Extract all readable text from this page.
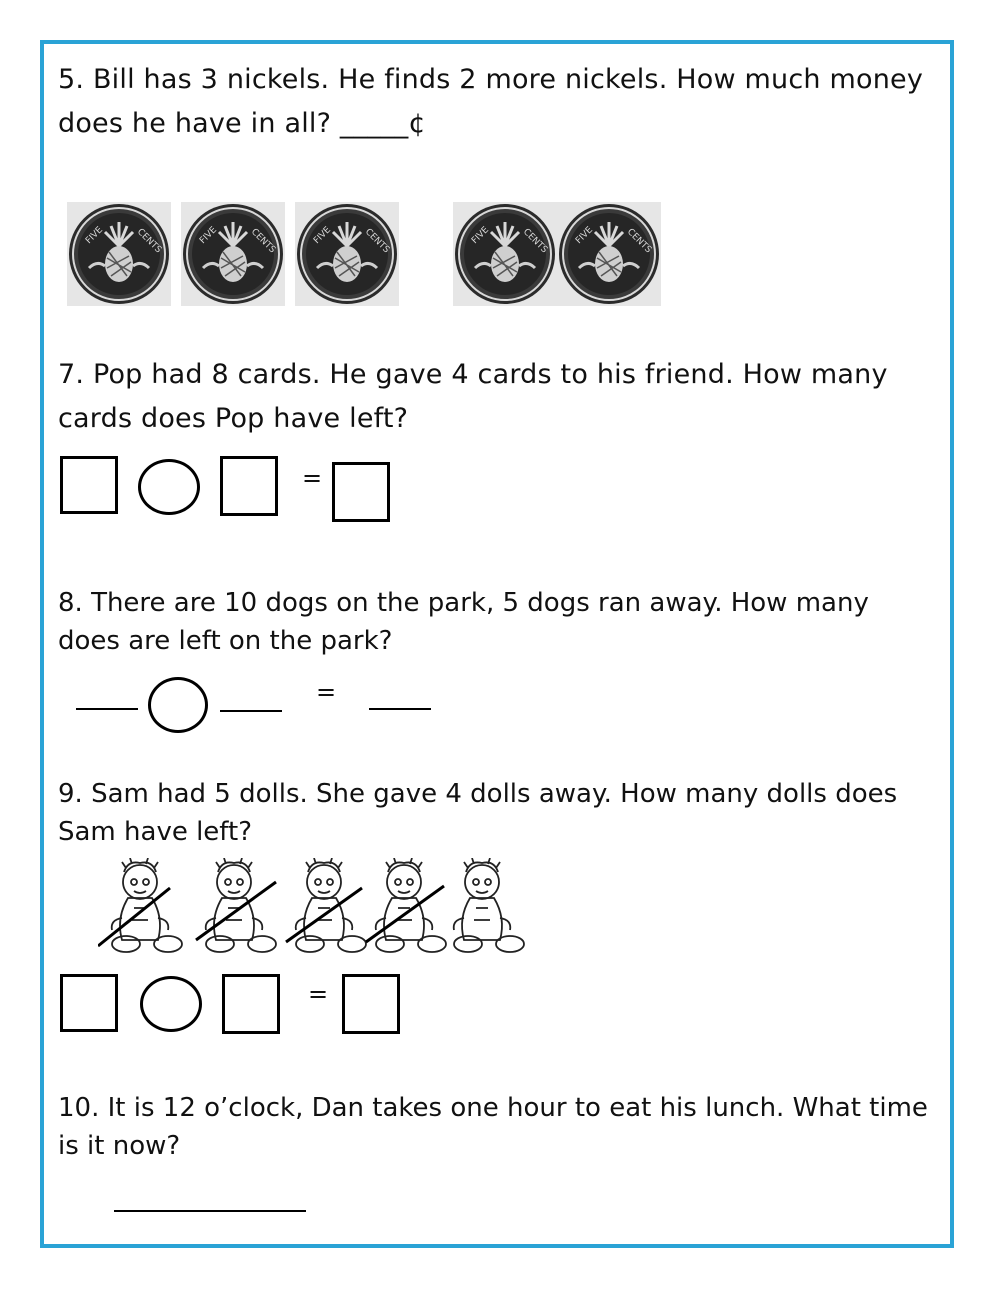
5. Bill has 3 nickels. He finds 2 more nickels. How much money

does he have in all? _____¢

7. Pop had 8 cards. He gave 4 cards to his friend. How many

cards does Pop have left?

=

8. There are 10 dogs on the park, 5 dogs ran away. How many

does are left on the park?

=

9. Sam had 5 dolls. She gave 4 dolls away. How many dolls does

Sam have left?

=

10. It is 12 o’clock, Dan takes one hour to eat his lunch. What time

is it now?
